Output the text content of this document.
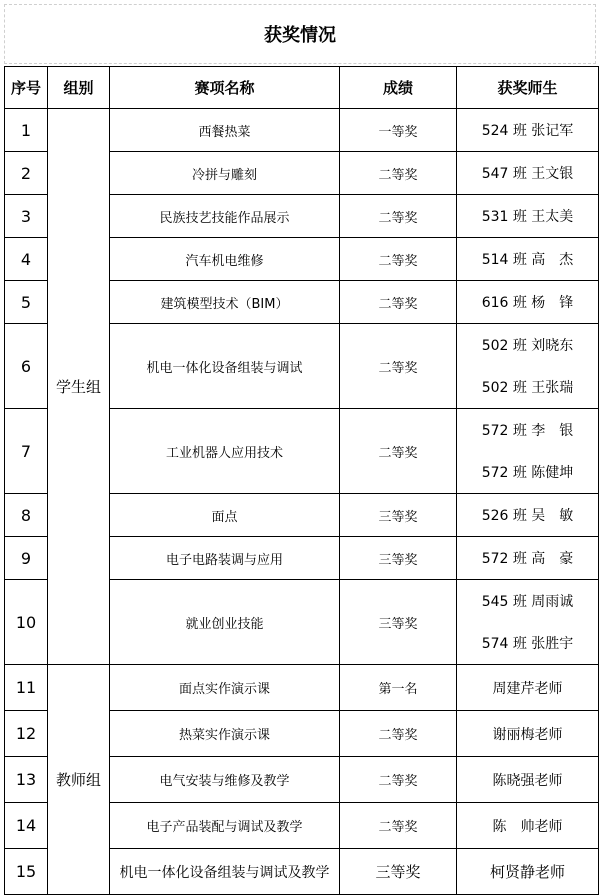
获奖情况
序号	组别	赛项名称	成绩	获奖师生
1	学生组	西餐热菜	一等奖	524 班 张记军
2		冷拼与雕刻	二等奖	547 班 王文银
3		民族技艺技能作品展示	二等奖	531 班 王太美
4		汽车机电维修	二等奖	514 班 高　杰
5		建筑模型技术（BIM）	二等奖	616 班 杨　锋
6		机电一体化设备组装与调试	二等奖	502 班 刘晓东
502 班 王张瑞

7		工业机器人应用技术	二等奖	572 班 李　银
572 班 陈健坤

8		面点	三等奖	526 班 吴　敏
9		电子电路装调与应用	三等奖	572 班 高　豪
10		就业创业技能	三等奖	545 班 周雨诚
574 班 张胜宇

11	教师组	面点实作演示课	第一名	周建芹老师
12		热菜实作演示课	二等奖	谢丽梅老师
13		电气安装与维修及教学	二等奖	陈晓强老师
14		电子产品装配与调试及教学	二等奖	陈　帅老师
15		机电一体化设备组装与调试及教学	三等奖	柯贤静老师
